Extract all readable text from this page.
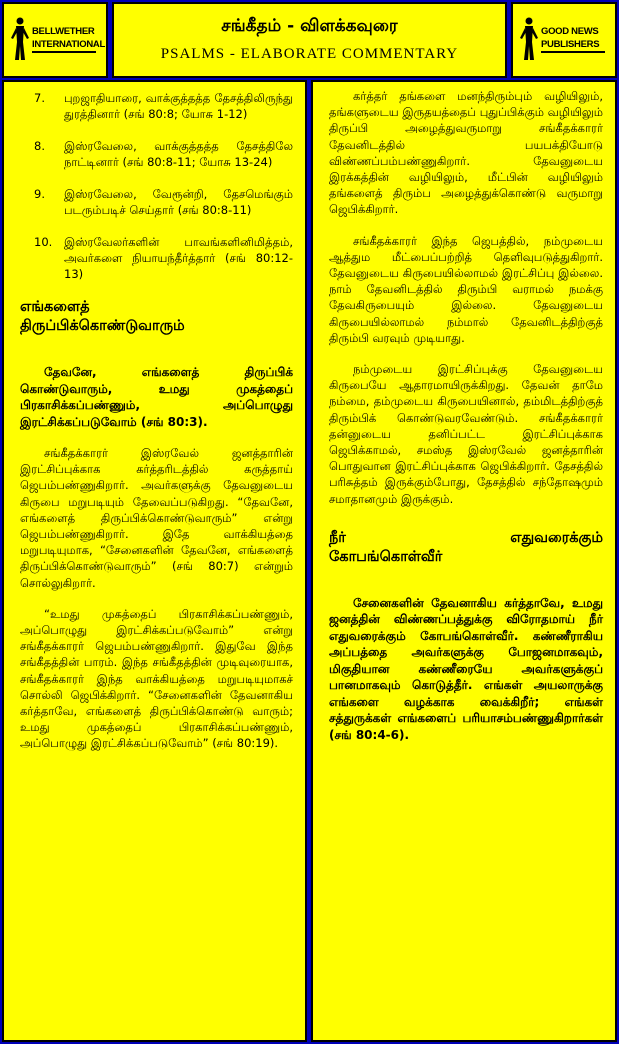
BELLWETHER
INTERNATIONAL
சங்கீதம் - விளக்கவுரை
PSALMS - ELABORATE COMMENTARY
GOOD NEWS
PUBLISHERS
7.	புறஜாதியாரை, வாக்குத்தத்த தேசத்திலிருந்து துரத்தினார் (சங் 80:8; யோசு 1-12)
8.	இஸ்ரவேலை, வாக்குத்தத்த தேசத்திலே நாட்டினார் (சங் 80:8-11; யோசு 13-24)
9.	இஸ்ரவேலை, வேரூன்றி, தேசமெங்கும் படரும்படிச் செய்தார் (சங் 80:8-11)
10.	இஸ்ரவேலர்களின் பாவங்களினிமித்தம், அவர்களை நியாயந்தீர்த்தார் (சங் 80:12-13)
எங்களைத்
திருப்பிக்கொண்டுவாரும்

தேவனே, எங்களைத் திருப்பிக் கொண்டுவாரும், உமது முகத்தைப் பிரகாசிக்கப்பண்ணும், அப்பொழுது இரட்சிக்கப்படுவோம் (சங் 80:3).

சங்கீதக்காரர் இஸ்ரவேல் ஜனத்தாரின் இரட்சிப்புக்காக கர்த்தரிடத்தில் கருத்தாய் ஜெபம்பண்ணுகிறார். அவர்களுக்கு தேவனுடைய கிருபை மறுபடியும் தேவைப்படுகிறது. “தேவனே, எங்களைத் திருப்பிக்கொண்டுவாரும்” என்று ஜெபம்பண்ணுகிறார். இதே வாக்கியத்தை மறுபடியுமாக, “சேனைகளின் தேவனே, எங்களைத் திருப்பிக்கொண்டுவாரும்” (சங் 80:7) என்றும் சொல்லுகிறார்.

“உமது முகத்தைப் பிரகாசிக்கப்பண்ணும், அப்பொழுது இரட்சிக்கப்படுவோம்” என்று சங்கீதக்காரர் ஜெபம்பண்ணுகிறார். இதுவே இந்த சங்கீதத்தின் பாரம். இந்த சங்கீதத்தின் முடிவுரையாக, சங்கீதக்காரர் இந்த வாக்கியத்தை மறுபடியுமாகச் சொல்லி ஜெபிக்கிறார். “சேனைகளின் தேவனாகிய கர்த்தாவே, எங்களைத் திருப்பிக்கொண்டு வாரும்; உமது முகத்தைப் பிரகாசிக்கப்பண்ணும், அப்பொழுது இரட்சிக்கப்படுவோம்” (சங் 80:19).

கர்த்தர் தங்களை மனந்திரும்பும் வழியிலும், தங்களுடைய இருதயத்தைப் புதுப்பிக்கும் வழியிலும் திருப்பி அழைத்துவருமாறு சங்கீதக்காரர் தேவனிடத்தில் பயபக்தியோடு விண்ணப்பம்பண்ணுகிறார். தேவனுடைய இரக்கத்தின் வழியிலும், மீட்பின் வழியிலும் தங்களைத் திரும்ப அழைத்துக்கொண்டு வருமாறு ஜெபிக்கிறார்.

சங்கீதக்காரர் இந்த ஜெபத்தில், நம்முடைய ஆத்தும மீட்பைப்பற்றித் தெளிவுபடுத்துகிறார். தேவனுடைய கிருபையில்லாமல் இரட்சிப்பு இல்லை. நாம் தேவனிடத்தில் திரும்பி வராமல் நமக்கு தேவகிருபையும் இல்லை. தேவனுடைய கிருபையில்லாமல் நம்மால் தேவனிடத்திற்குத் திரும்பி வரவும் முடியாது.

நம்முடைய இரட்சிப்புக்கு தேவனுடைய கிருபையே ஆதாரமாயிருக்கிறது. தேவன் தாமே நம்மை, தம்முடைய கிருபையினால், தம்மிடத்திற்குத் திரும்பிக் கொண்டுவரவேண்டும். சங்கீதக்காரர் தன்னுடைய தனிப்பட்ட இரட்சிப்புக்காக ஜெபிக்காமல், சமஸ்த இஸ்ரவேல் ஜனத்தாரின் பொதுவான இரட்சிப்புக்காக ஜெபிக்கிறார். தேசத்தில் பரிசுத்தம் இருக்கும்போது, தேசத்தில் சந்தோஷமும் சமாதானமும் இருக்கும்.

நீர்	எதுவரைக்கும்
கோபங்கொள்வீர்

சேனைகளின் தேவனாகிய கர்த்தாவே, உமது ஜனத்தின் விண்ணப்பத்துக்கு விரோதமாய் நீர் எதுவரைக்கும் கோபங்கொள்வீர். கண்ணீராகிய அப்பத்தை அவர்களுக்கு போஜனமாகவும், மிகுதியான கண்ணீரையே அவர்களுக்குப் பானமாகவும் கொடுத்தீர். எங்கள் அயலாருக்கு எங்களை வழக்காக வைக்கிறீர்; எங்கள் சத்துருக்கள் எங்களைப் பரியாசம்பண்ணுகிறார்கள் (சங் 80:4-6).
